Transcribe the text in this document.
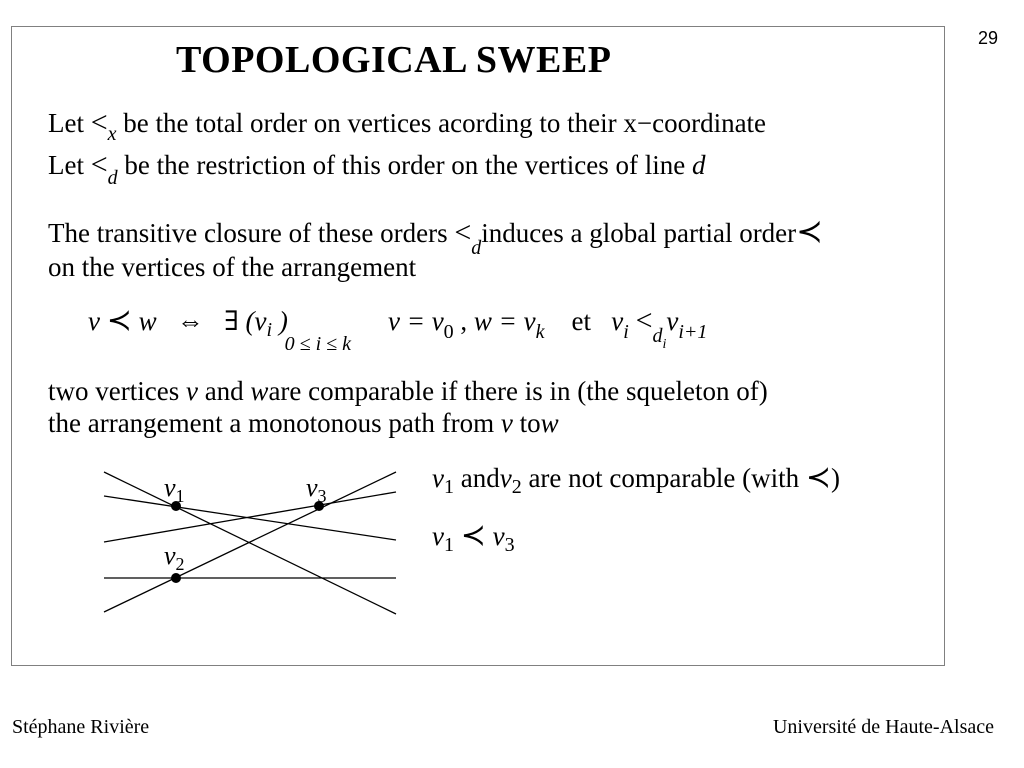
29
TOPOLOGICAL SWEEP
Let $<_x$ be the total order on vertices acording to their x−coordinate
Let $<_d$ be the restriction of this order on the vertices of line d
The transitive closure of these orders $<_dinduces$ a global partial order≺
on the vertices of the arrangement
v ≺ w ⇔ ∃ ($v_i$ ) $_{0 \le i \le k}$    $v = v_0$ , $w = v_k$ et $v_i <_{di}v_{i+1}$
two vertices v and ware comparable if there is in (the squeleton of)
the arrangement a monotonous path from v tow
$v_1$	$v_3$
$v_2$
$v_1$ andv$_2$ are not comparable (with ≺)
$v_1$ ≺ $v_3$
Stéphane Rivière	Université de Haute-Alsace
